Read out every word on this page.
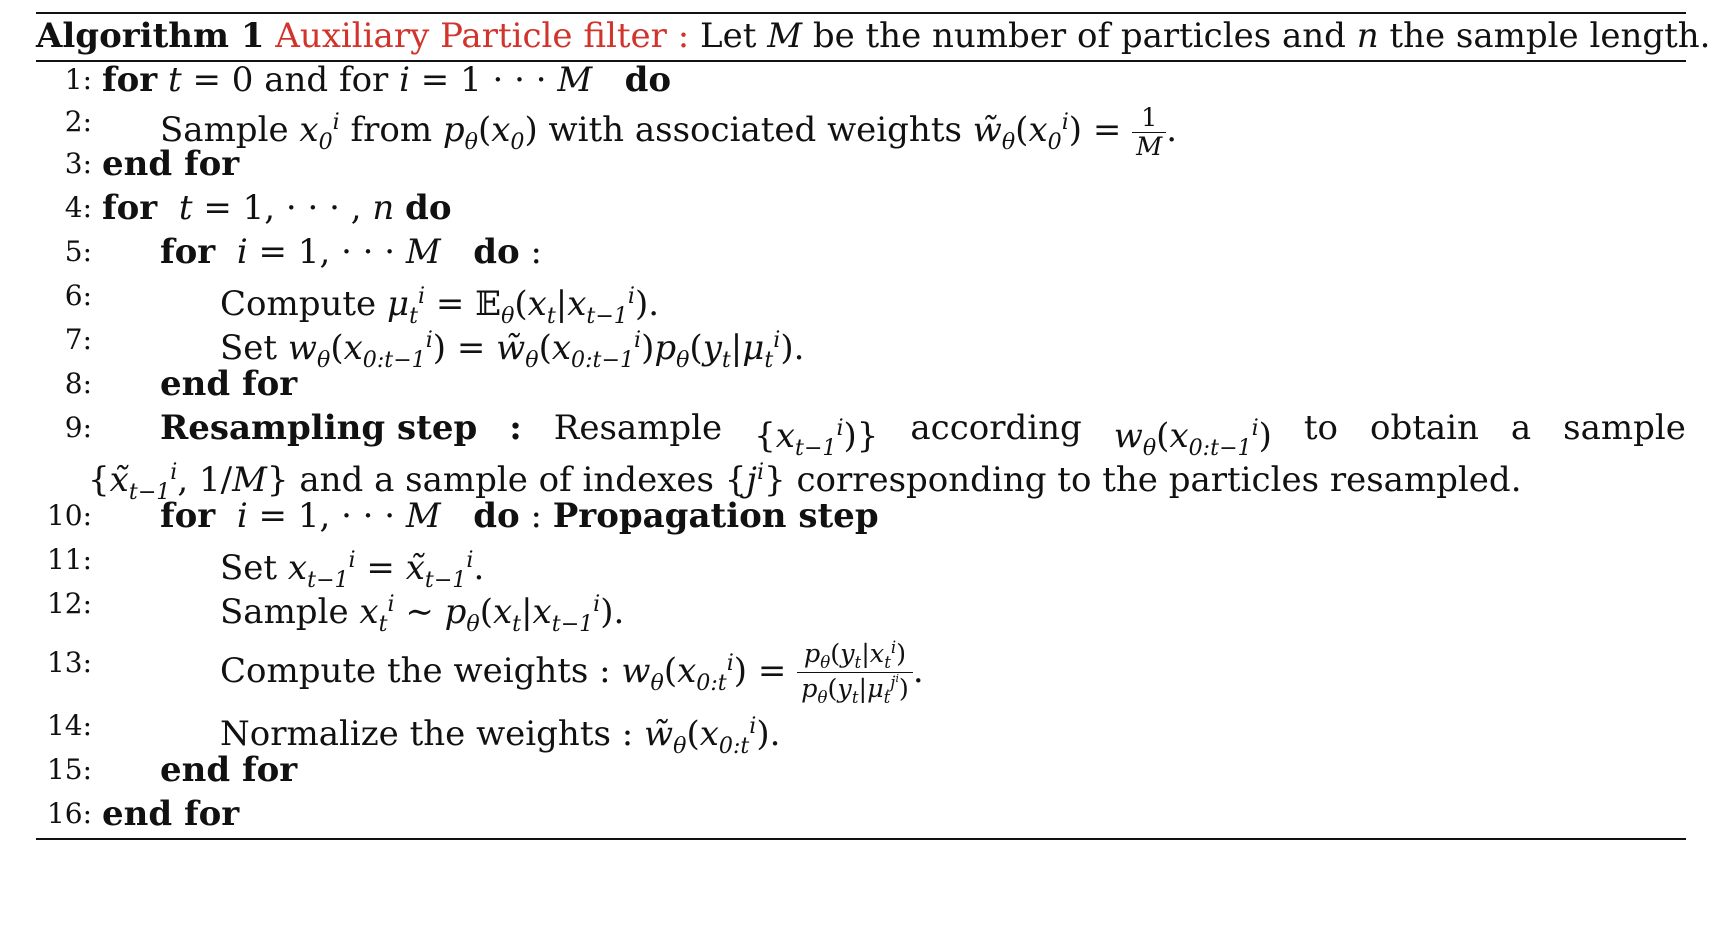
Algorithm 1 Auxiliary Particle filter : Let M be the number of particles and n the sample length.
1: for t = 0 and for i = 1 · · · M do
2: Sample $x_0^i$ from $p_\theta(x_0)$ with associated weights $w̃_\theta(x_0^i) = \frac{1}{M}$ .
3: end for
4: for t = 1, · · · , n do
5: for i = 1, · · · M do :
6:	Compute $\mu_t^i$ = $𝔼_\theta(x_t|x_{t-1}^i)$.
7:	Set $w_\theta(x_{0:t-1}^i)$ = $w̃_\theta(x_{0:t-1}^i)p_\theta(y_t|\mu_t^i)$.
8: end for
9: Resampling step : Resample $\{x_{t-1}^i)$} according $w_\theta(x_{0:t-1}^i)$ to obtain a sample
{$x̃_{t-1}^i$, 1/M} and a sample of indexes $\{j^i\}$ corresponding to the particles resampled.
10: for i = 1, · · · M do : Propagation step
11:	Set $x_{t-1}^i$ = $x̃_{t-1}^i$.
12:	Sample $x_t^i$ ∼ $p_\theta(x_t|x_{t-1}^i)$.
13:	Compute the weights : $w_\theta(x_{0:t}^i) = \frac{p_\theta(y_t|x_t^i)}{p_\theta(y_t|\mu_t^{j^i})}$ .
14:	Normalize the weights : $w̃_\theta(x_{0:t}^i)$.
15: end for
16: end for
